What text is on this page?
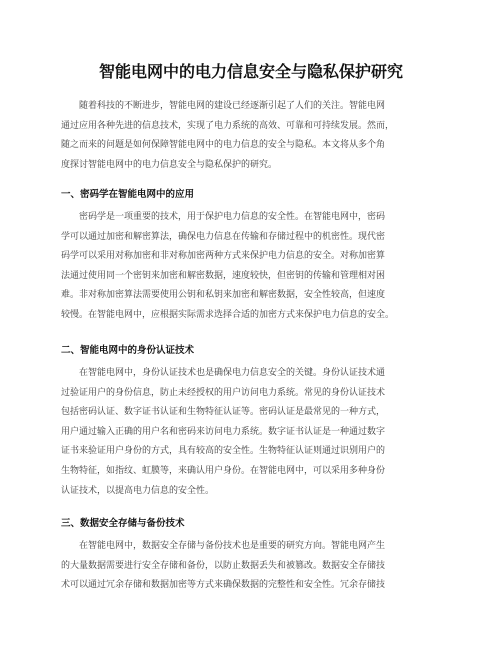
智能电网中的电力信息安全与隐私保护研究

　　随着科技的不断进步，智能电网的建设已经逐渐引起了人们的关注。智能电网
通过应用各种先进的信息技术，实现了电力系统的高效、可靠和可持续发展。然而，
随之而来的问题是如何保障智能电网中的电力信息的安全与隐私。本文将从多个角
度探讨智能电网中的电力信息安全与隐私保护的研究。

一、密码学在智能电网中的应用

　　密码学是一项重要的技术，用于保护电力信息的安全性。在智能电网中，密码
学可以通过加密和解密算法，确保电力信息在传输和存储过程中的机密性。现代密
码学可以采用对称加密和非对称加密两种方式来保护电力信息的安全。对称加密算
法通过使用同一个密钥来加密和解密数据，速度较快，但密钥的传输和管理相对困
难。非对称加密算法需要使用公钥和私钥来加密和解密数据，安全性较高，但速度
较慢。在智能电网中，应根据实际需求选择合适的加密方式来保护电力信息的安全。

二、智能电网中的身份认证技术

　　在智能电网中，身份认证技术也是确保电力信息安全的关键。身份认证技术通
过验证用户的身份信息，防止未经授权的用户访问电力系统。常见的身份认证技术
包括密码认证、数字证书认证和生物特征认证等。密码认证是最常见的一种方式，
用户通过输入正确的用户名和密码来访问电力系统。数字证书认证是一种通过数字
证书来验证用户身份的方式，具有较高的安全性。生物特征认证则通过识别用户的
生物特征，如指纹、虹膜等，来确认用户身份。在智能电网中，可以采用多种身份
认证技术，以提高电力信息的安全性。

三、数据安全存储与备份技术

　　在智能电网中，数据安全存储与备份技术也是重要的研究方向。智能电网产生
的大量数据需要进行安全存储和备份，以防止数据丢失和被篡改。数据安全存储技
术可以通过冗余存储和数据加密等方式来确保数据的完整性和安全性。冗余存储技
